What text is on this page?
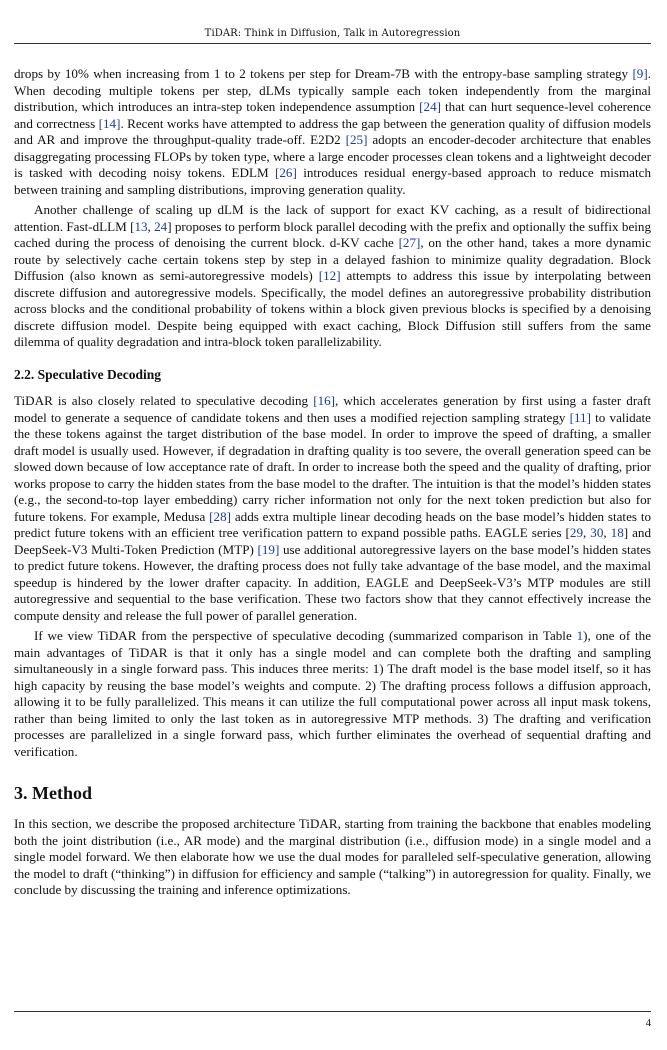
TiDAR: Think in Diffusion, Talk in Autoregression

drops by 10% when increasing from 1 to 2 tokens per step for Dream-7B with the entropy-base sampling strategy [9]. When decoding multiple tokens per step, dLMs typically sample each token independently from the marginal distribution, which introduces an intra-step token independence assumption [24] that can hurt sequence-level coherence and correctness [14]. Recent works have attempted to address the gap between the generation quality of diffusion models and AR and improve the throughput-quality trade-off. E2D2 [25] adopts an encoder-decoder architecture that enables disaggregating processing FLOPs by token type, where a large encoder processes clean tokens and a lightweight decoder is tasked with decoding noisy tokens. EDLM [26] introduces residual energy-based approach to reduce mismatch between training and sampling distributions, improving generation quality.

Another challenge of scaling up dLM is the lack of support for exact KV caching, as a result of bidirectional attention. Fast-dLLM [13, 24] proposes to perform block parallel decoding with the prefix and optionally the suffix being cached during the process of denoising the current block. d-KV cache [27], on the other hand, takes a more dynamic route by selectively cache certain tokens step by step in a delayed fashion to minimize quality degradation. Block Diffusion (also known as semi-autoregressive models) [12] attempts to address this issue by interpolating between discrete diffusion and autoregressive models. Specifically, the model defines an autoregressive probability distribution across blocks and the conditional probability of tokens within a block given previous blocks is specified by a denoising discrete diffusion model. Despite being equipped with exact caching, Block Diffusion still suffers from the same dilemma of quality degradation and intra-block token parallelizability.

2.2. Speculative Decoding

TiDAR is also closely related to speculative decoding [16], which accelerates generation by first using a faster draft model to generate a sequence of candidate tokens and then uses a modified rejection sampling strategy [11] to validate the these tokens against the target distribution of the base model. In order to improve the speed of drafting, a smaller draft model is usually used. However, if degradation in drafting quality is too severe, the overall generation speed can be slowed down because of low acceptance rate of draft. In order to increase both the speed and the quality of drafting, prior works propose to carry the hidden states from the base model to the drafter. The intuition is that the model’s hidden states (e.g., the second-to-top layer embedding) carry richer information not only for the next token prediction but also for future tokens. For example, Medusa [28] adds extra multiple linear decoding heads on the base model’s hidden states to predict future tokens with an efficient tree verification pattern to expand possible paths. EAGLE series [29, 30, 18] and DeepSeek-V3 Multi-Token Prediction (MTP) [19] use additional autoregressive layers on the base model’s hidden states to predict future tokens. However, the drafting process does not fully take advantage of the base model, and the maximal speedup is hindered by the lower drafter capacity. In addition, EAGLE and DeepSeek-V3’s MTP modules are still autoregressive and sequential to the base verification. These two factors show that they cannot effectively increase the compute density and release the full power of parallel generation.

If we view TiDAR from the perspective of speculative decoding (summarized comparison in Table 1), one of the main advantages of TiDAR is that it only has a single model and can complete both the drafting and sampling simultaneously in a single forward pass. This induces three merits: 1) The draft model is the base model itself, so it has high capacity by reusing the base model’s weights and compute. 2) The drafting process follows a diffusion approach, allowing it to be fully parallelized. This means it can utilize the full computational power across all input mask tokens, rather than being limited to only the last token as in autoregressive MTP methods. 3) The drafting and verification processes are parallelized in a single forward pass, which further eliminates the overhead of sequential drafting and verification.

3. Method

In this section, we describe the proposed architecture TiDAR, starting from training the backbone that enables modeling both the joint distribution (i.e., AR mode) and the marginal distribution (i.e., diffusion mode) in a single model and a single model forward. We then elaborate how we use the dual modes for paralleled self-speculative generation, allowing the model to draft (“thinking”) in diffusion for efficiency and sample (“talking”) in autoregression for quality. Finally, we conclude by discussing the training and inference optimizations.

4
